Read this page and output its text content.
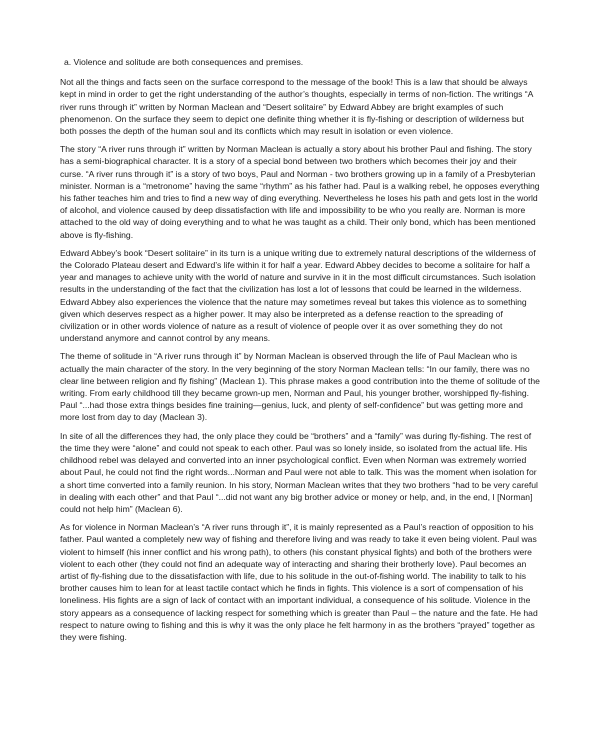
a. Violence and solitude are both consequences and premises.

Not all the things and facts seen on the surface correspond to the message of the book! This is a law that should be always kept in mind in order to get the right understanding of the author’s thoughts, especially in terms of non-fiction. The writings “A river runs through it” written by Norman Maclean and “Desert solitaire” by Edward Abbey are bright examples of such phenomenon. On the surface they seem to depict one definite thing whether it is fly-fishing or description of wilderness but both posses the depth of the human soul and its conflicts which may result in isolation or even violence.

The story “A river runs through it” written by Norman Maclean is actually a story about his brother Paul and fishing. The story has a semi-biographical character. It is a story of a special bond between two brothers which becomes their joy and their curse. “A river runs through it” is a story of two boys, Paul and Norman - two brothers growing up in a family of a Presbyterian minister. Norman is a “metronome” having the same “rhythm” as his father had. Paul is a walking rebel, he opposes everything his father teaches him and tries to find a new way of ding everything. Nevertheless he loses his path and gets lost in the world of alcohol, and violence caused by deep dissatisfaction with life and impossibility to be who you really are. Norman is more attached to the old way of doing everything and to what he was taught as a child. Their only bond, which has been mentioned above is fly-fishing.

Edward Abbey’s book “Desert solitaire” in its turn is a unique writing due to extremely natural descriptions of the wilderness of the Colorado Plateau desert and Edward’s life within it for half a year. Edward Abbey decides to become a solitaire for half a year and manages to achieve unity with the world of nature and survive in it in the most difficult circumstances. Such isolation results in the understanding of the fact that the civilization has lost a lot of lessons that could be learned in the wilderness. Edward Abbey also experiences the violence that the nature may sometimes reveal but takes this violence as to something given which deserves respect as a higher power. It may also be interpreted as a defense reaction to the spreading of civilization or in other words violence of nature as a result of violence of people over it as over something they do not understand anymore and cannot control by any means.

The theme of solitude in “A river runs through it” by Norman Maclean is observed through the life of Paul Maclean who is actually the main character of the story. In the very beginning of the story Norman Maclean tells: “In our family, there was no clear line between religion and fly fishing” (Maclean 1). This phrase makes a good contribution into the theme of solitude of the writing. From early childhood till they became grown-up men, Norman and Paul, his younger brother, worshipped fly-fishing. Paul “...had those extra things besides fine training—genius, luck, and plenty of self-confidence” but was getting more and more lost from day to day (Maclean 3).

In site of all the differences they had, the only place they could be “brothers” and a “family” was during fly-fishing. The rest of the time they were “alone” and could not speak to each other. Paul was so lonely inside, so isolated from the actual life. His childhood rebel was delayed and converted into an inner psychological conflict. Even when Norman was extremely worried about Paul, he could not find the right words...Norman and Paul were not able to talk. This was the moment when isolation for a short time converted into a family reunion. In his story, Norman Maclean writes that they two brothers “had to be very careful in dealing with each other” and that Paul “...did not want any big brother advice or money or help, and, in the end, I [Norman] could not help him” (Maclean 6).

As for violence in Norman Maclean’s “A river runs through it”, it is mainly represented as a Paul’s reaction of opposition to his father. Paul wanted a completely new way of fishing and therefore living and was ready to take it even being violent. Paul was violent to himself (his inner conflict and his wrong path), to others (his constant physical fights) and both of the brothers were violent to each other (they could not find an adequate way of interacting and sharing their brotherly love). Paul becomes an artist of fly-fishing due to the dissatisfaction with life, due to his solitude in the out-of-fishing world. The inability to talk to his brother causes him to lean for at least tactile contact which he finds in fights. This violence is a sort of compensation of his loneliness. His fights are a sign of lack of contact with an important individual, a consequence of his solitude. Violence in the story appears as a consequence of lacking respect for something which is greater than Paul – the nature and the fate. He had respect to nature owing to fishing and this is why it was the only place he felt harmony in as the brothers “prayed” together as they were fishing.
